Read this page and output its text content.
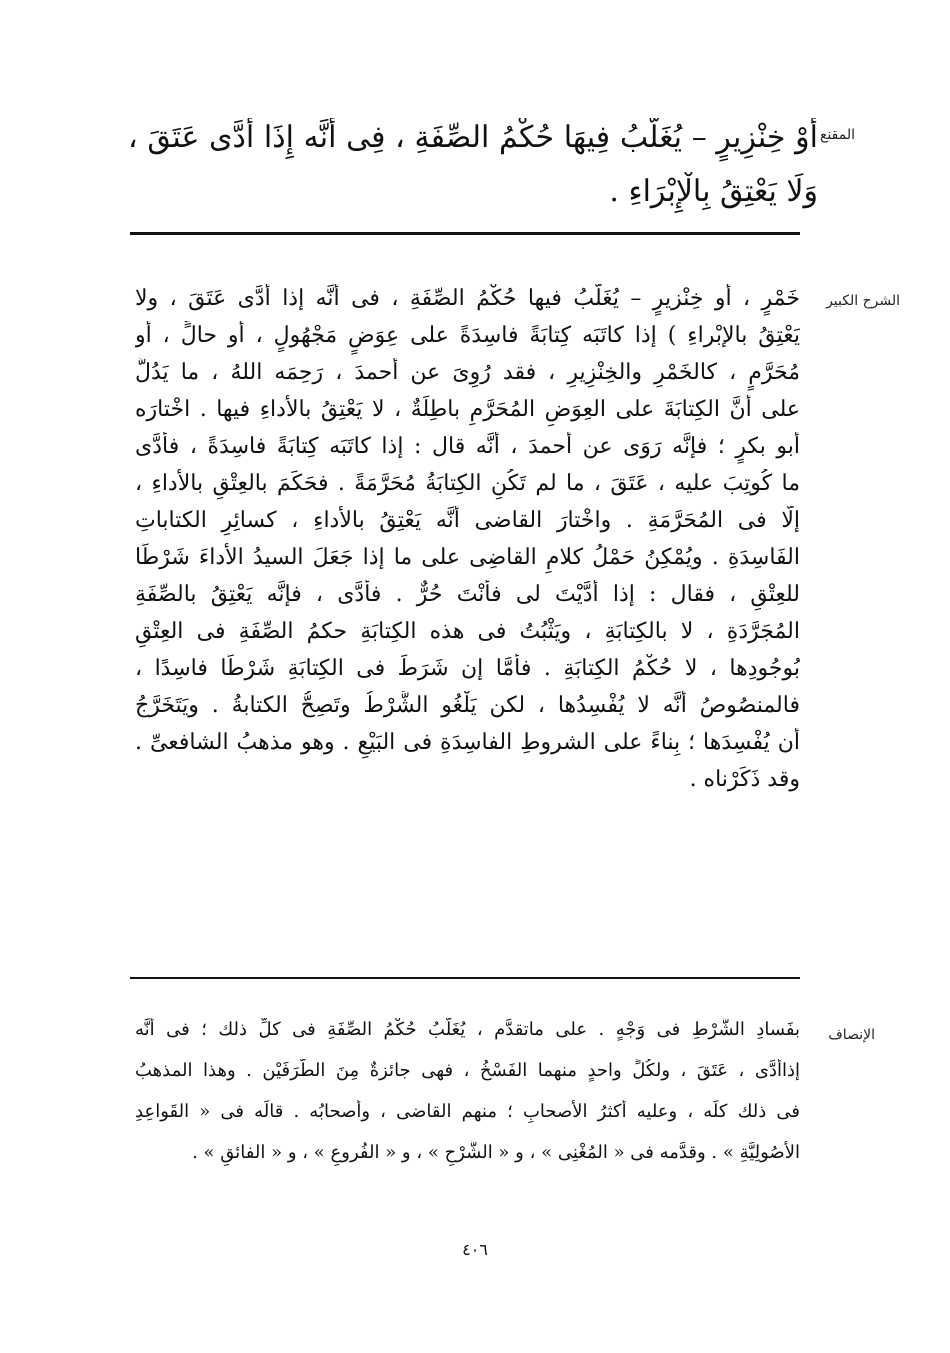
المقنع
أَوْ خِنْزِيرٍ – يُغَلَّبُ فِيهَا حُكْمُ الصِّفَةِ ، فِى أَنَّه إِذَا أَدَّى عَتَقَ ،
وَلَا يَعْتِقُ بِالْإِبْرَاءِ .
الشرح الكبير
خَمْرٍ ، أو خِنْزيرٍ – يُغَلَّبُ فيها حُكْمُ الصِّفَةِ ، فى أنَّه إذا أدَّى عَتَقَ ، ولا
يَعْتِقُ بالإبْراءِ ) إذا كاتَبَه كِتابَةً فاسِدَةً على عِوَضٍ مَجْهُولٍ ، أو حالٍّ ، أو
مُحَرَّمٍ ، كالخَمْرِ والخِنْزِيرِ ، فقد رُوِىَ عن أحمدَ ، رَحِمَه اللهُ ، ما يَدُلُّ
على أنَّ الكِتابَةَ على العِوَضِ المُحَرَّمِ باطِلَةٌ ، لا يَعْتِقُ بالأداءِ فيها . اخْتارَه
أبو بكرٍ ؛ فإنَّه رَوَى عن أحمدَ ، أنَّه قال : إذا كاتَبَه كِتابَةً فاسِدَةً ، فأدَّى
ما كُوتِبَ عليه ، عَتَقَ ، ما لم تَكُنِ الكِتابَةُ مُحَرَّمَةً . فحَكَمَ بالعِتْقِ بالأداءِ ،
إلَّا فى المُحَرَّمَةِ . واخْتارَ القاضى أنَّه يَعْتِقُ بالأداءِ ، كسائِرِ الكتاباتِ
الفَاسِدَةِ . ويُمْكِنُ حَمْلُ كلامِ القاضِى على ما إذا جَعَلَ السيدُ الأداءَ شَرْطًا
للعِتْقِ ، فقال : إذا أدَّيْتَ لى فأنْتَ حُرٌّ . فأدَّى ، فإنَّه يَعْتِقُ بالصِّفَةِ
المُجَرَّدَةِ ، لا بالكِتابَةِ ، ويَثْبُتُ فى هذه الكِتابَةِ حكمُ الصِّفَةِ فى العِتْقِ
بُوجُودِها ، لا حُكْمُ الكِتابَةِ . فأمَّا إن شَرَطَ فى الكِتابَةِ شَرْطًا فاسِدًا ،
فالمنصُوصُ أنَّه لا يُفْسِدُها ، لكن يَلْغُو الشَّرْطُ وتَصِحُّ الكتابةُ . ويَتَخَرَّجُ
أن يُفْسِدَها ؛ بِناءً على الشروطِ الفاسِدَةِ فى البَيْعِ . وهو مذهبُ الشافعىِّ .
وقد ذَكَرْناه .
الإنصاف
بفَسادِ الشَّرْطِ فى وَجْهٍ . على ماتقدَّم ، يُغَلَّبُ حُكْمُ الصِّفَةِ فى كلِّ ذلك ؛ فى أنَّه
إذاأدَّى ، عَتَقَ ، ولكُلٍّ واحدٍ منهما الفَسْخُ ، فهى جائزةٌ مِنَ الطَّرَفَيْن . وهذا المذهبُ
فى ذلك كلِّه ، وعليه أكثرُ الأصحابِ ؛ منهم القاضى ، وأصحابُه . قالَه فى « القَواعِدِ
الأُصُولِيَّةِ » . وقدَّمه فى « المُغْنِى » ، و « الشَّرْحِ » ، و « الفُروعِ » ، و « الفائقِ » .
٤٠٦
